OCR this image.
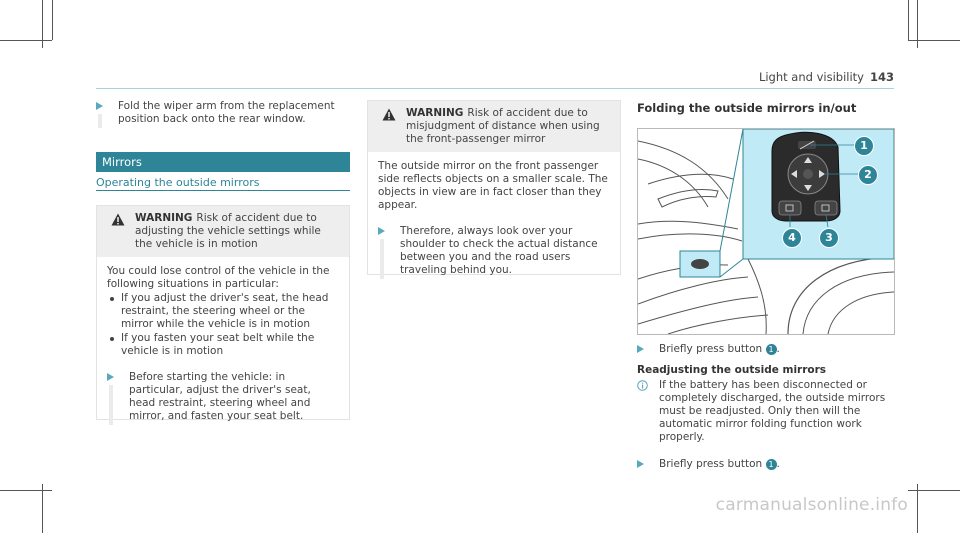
Light and visibility 143
Fold the wiper arm from the replacement position back onto the rear window.
Mirrors
Operating the outside mirrors
WARNING Risk of accident due to adjusting the vehicle settings while the vehicle is in motion
You could lose control of the vehicle in the following situations in particular:
If you adjust the driver's seat, the head restraint, the steering wheel or the mirror while the vehicle is in motion
If you fasten your seat belt while the vehicle is in motion
Before starting the vehicle: in particular, adjust the driver's seat, head restraint, steering wheel and mirror, and fasten your seat belt.
WARNING Risk of accident due to misjudgment of distance when using the front-passenger mirror
The outside mirror on the front passenger side reflects objects on a smaller scale. The objects in view are in fact closer than they appear.
Therefore, always look over your shoulder to check the actual distance between you and the road users traveling behind you.
Folding the outside mirrors in/out
1
2
3
4
Briefly press button 1 .
Readjusting the outside mirrors
If the battery has been disconnected or completely discharged, the outside mirrors must be readjusted. Only then will the automatic mirror folding function work properly.
Briefly press button 1 .
carmanualsonline.info
